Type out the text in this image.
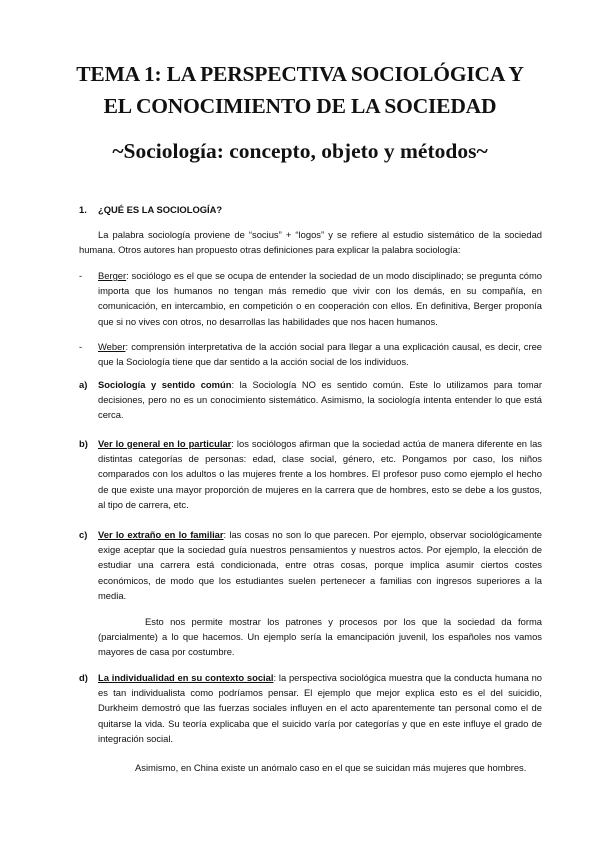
TEMA 1: LA PERSPECTIVA SOCIOLÓGICA Y
EL CONOCIMIENTO DE LA SOCIEDAD
~Sociología: concepto, objeto y métodos~
1. ¿QUÉ ES LA SOCIOLOGÍA?

La palabra sociología proviene de “socius” + “logos” y se refiere al estudio sistemático de la sociedad humana. Otros autores han propuesto otras definiciones para explicar la palabra sociología:

- Berger: sociólogo es el que se ocupa de entender la sociedad de un modo disciplinado; se pregunta cómo importa que los humanos no tengan más remedio que vivir con los demás, en su compañía, en comunicación, en intercambio, en competición o en cooperación con ellos. En definitiva, Berger proponía que si no vives con otros, no desarrollas las habilidades que nos hacen humanos.

- Weber: comprensión interpretativa de la acción social para llegar a una explicación causal, es decir, cree que la Sociología tiene que dar sentido a la acción social de los individuos.

a) Sociología y sentido común: la Sociología NO es sentido común. Este lo utilizamos para tomar decisiones, pero no es un conocimiento sistemático. Asimismo, la sociología intenta entender lo que está cerca.

b) Ver lo general en lo particular: los sociólogos afirman que la sociedad actúa de manera diferente en las distintas categorías de personas: edad, clase social, género, etc. Pongamos por caso, los niños comparados con los adultos o las mujeres frente a los hombres. El profesor puso como ejemplo el hecho de que existe una mayor proporción de mujeres en la carrera que de hombres, esto se debe a los gustos, al tipo de carrera, etc.

c) Ver lo extraño en lo familiar: las cosas no son lo que parecen. Por ejemplo, observar sociológicamente exige aceptar que la sociedad guía nuestros pensamientos y nuestros actos. Por ejemplo, la elección de estudiar una carrera está condicionada, entre otras cosas, porque implica asumir ciertos costes económicos, de modo que los estudiantes suelen pertenecer a familias con ingresos superiores a la media.

Esto nos permite mostrar los patrones y procesos por los que la sociedad da forma (parcialmente) a lo que hacemos. Un ejemplo sería la emancipación juvenil, los españoles nos vamos mayores de casa por costumbre.

d) La individualidad en su contexto social: la perspectiva sociológica muestra que la conducta humana no es tan individualista como podríamos pensar. El ejemplo que mejor explica esto es el del suicidio, Durkheim demostró que las fuerzas sociales influyen en el acto aparentemente tan personal como el de quitarse la vida. Su teoría explicaba que el suicido varía por categorías y que en este influye el grado de integración social.

Asimismo, en China existe un anómalo caso en el que se suicidan más mujeres que hombres.
